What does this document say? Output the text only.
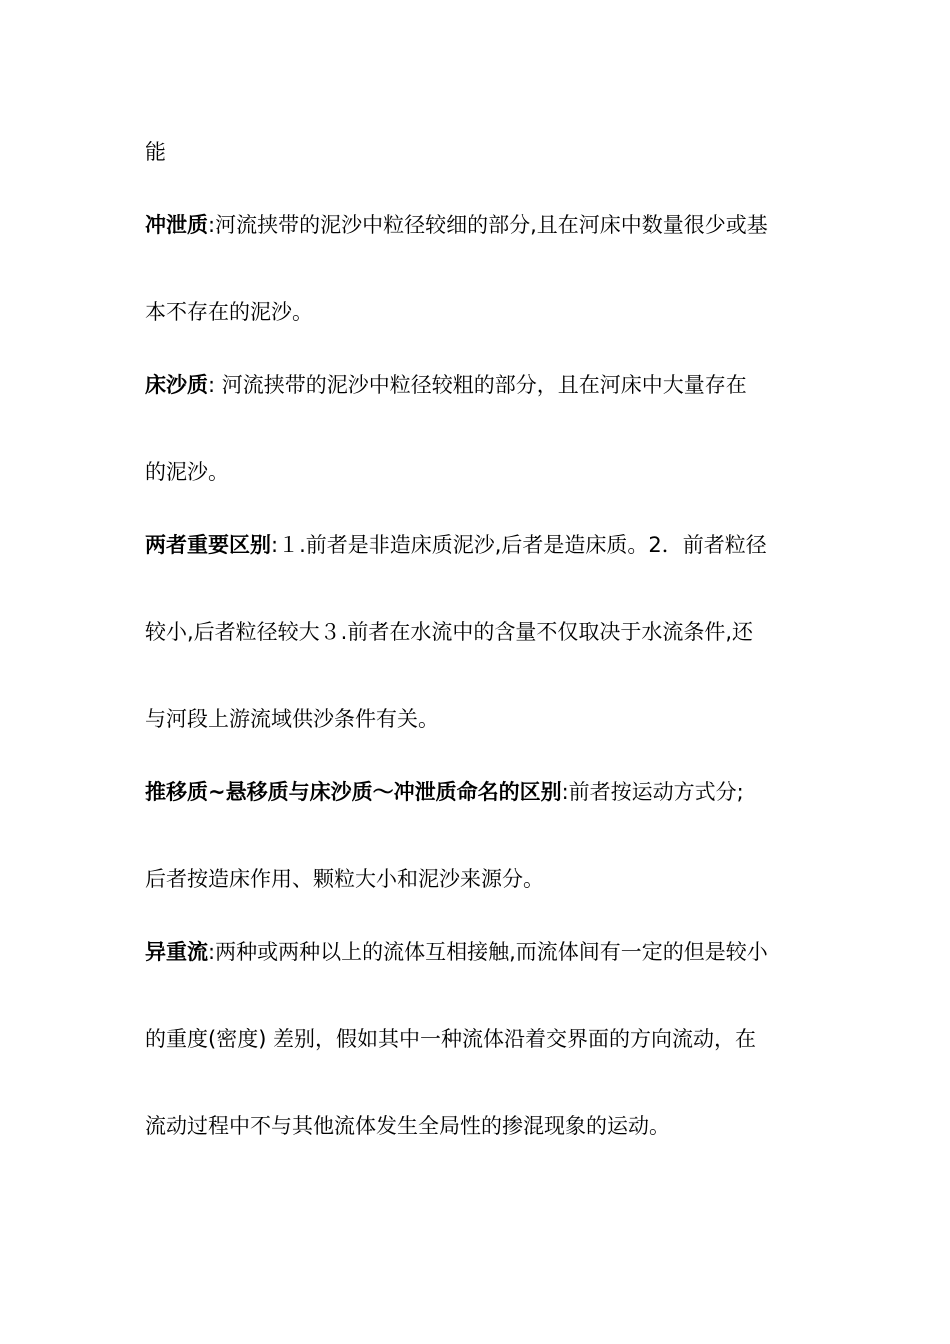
能
冲泄质:河流挟带的泥沙中粒径较细的部分,且在河床中数量很少或基
本不存在的泥沙。
床沙质: 河流挟带的泥沙中粒径较粗的部分，且在河床中大量存在
的泥沙。
两者重要区别:１.前者是非造床质泥沙,后者是造床质。2．前者粒径
较小,后者粒径较大３.前者在水流中的含量不仅取决于水流条件,还
与河段上游流域供沙条件有关。
推移质~悬移质与床沙质～冲泄质命名的区别:前者按运动方式分;
后者按造床作用、颗粒大小和泥沙来源分。
异重流:两种或两种以上的流体互相接触,而流体间有一定的但是较小
的重度(密度) 差别，假如其中一种流体沿着交界面的方向流动，在
流动过程中不与其他流体发生全局性的掺混现象的运动。
